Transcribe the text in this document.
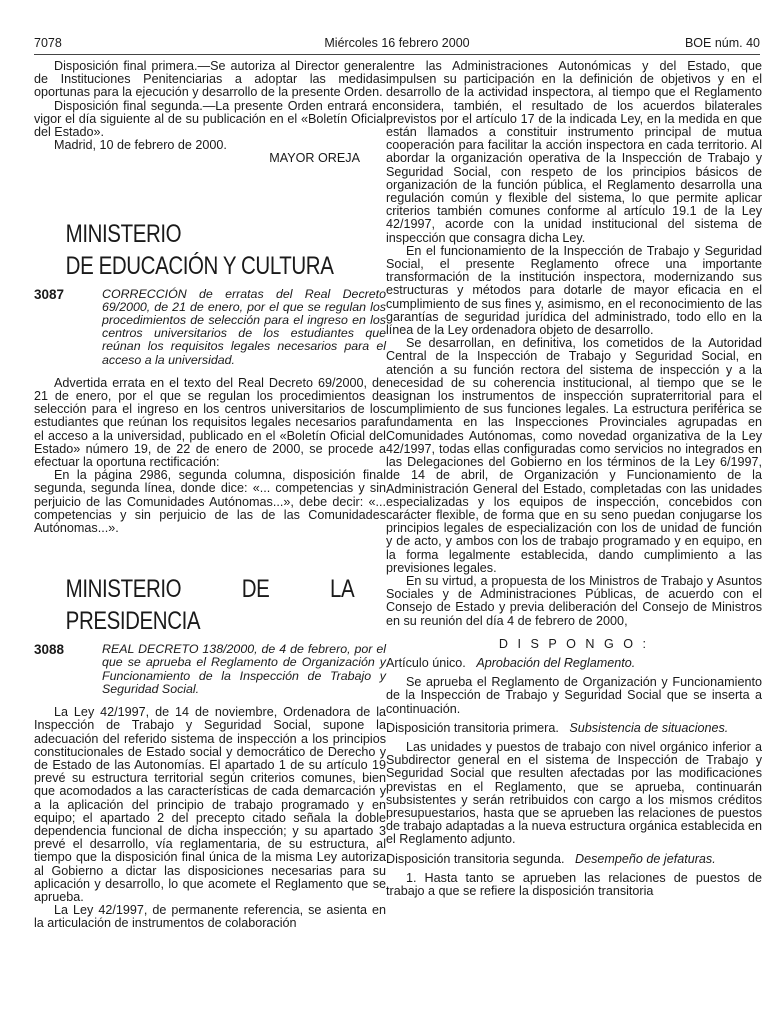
7078	Miércoles 16 febrero 2000	BOE núm. 40

Disposición final primera.—Se autoriza al Director general de Instituciones Penitenciarias a adoptar las medidas oportunas para la ejecución y desarrollo de la presente Orden.

Disposición final segunda.—La presente Orden entrará en vigor el día siguiente al de su publicación en el «Boletín Oficial del Estado».

Madrid, 10 de febrero de 2000.

MAYOR OREJA

MINISTERIO

DE EDUCACIÓN Y CULTURA

3087	CORRECCIÓN de erratas del Real Decreto 69/2000, de 21 de enero, por el que se regulan los procedimientos de selección para el ingreso en los centros universitarios de los estudiantes que reúnan los requisitos legales necesarios para el acceso a la universidad.

Advertida errata en el texto del Real Decreto 69/2000, de 21 de enero, por el que se regulan los procedimientos de selección para el ingreso en los centros universitarios de los estudiantes que reúnan los requisitos legales necesarios para el acceso a la universidad, publicado en el «Boletín Oficial del Estado» número 19, de 22 de enero de 2000, se procede a efectuar la oportuna rectificación:

En la página 2986, segunda columna, disposición final segunda, segunda línea, donde dice: «... competencias y sin perjuicio de las Comunidades Autónomas...», debe decir: «... competencias y sin perjuicio de las de las Comunidades Autónomas...».

MINISTERIO DE LA PRESIDENCIA

3088	REAL DECRETO 138/2000, de 4 de febrero, por el que se aprueba el Reglamento de Organización y Funcionamiento de la Inspección de Trabajo y Seguridad Social.

La Ley 42/1997, de 14 de noviembre, Ordenadora de la Inspección de Trabajo y Seguridad Social, supone la adecuación del referido sistema de inspección a los principios constitucionales de Estado social y democrático de Derecho y de Estado de las Autonomías. El apartado 1 de su artículo 19 prevé su estructura territorial según criterios comunes, bien que acomodados a las características de cada demarcación y a la aplicación del principio de trabajo programado y en equipo; el apartado 2 del precepto citado señala la doble dependencia funcional de dicha inspección; y su apartado 3 prevé el desarrollo, vía reglamentaria, de su estructura, al tiempo que la disposición final única de la misma Ley autoriza al Gobierno a dictar las disposiciones necesarias para su aplicación y desarrollo, lo que acomete el Reglamento que se aprueba.

La Ley 42/1997, de permanente referencia, se asienta en la articulación de instrumentos de colaboración

entre las Administraciones Autonómicas y del Estado, que impulsen su participación en la definición de objetivos y en el desarrollo de la actividad inspectora, al tiempo que el Reglamento considera, también, el resultado de los acuerdos bilaterales previstos por el artículo 17 de la indicada Ley, en la medida en que están llamados a constituir instrumento principal de mutua cooperación para facilitar la acción inspectora en cada territorio. Al abordar la organización operativa de la Inspección de Trabajo y Seguridad Social, con respeto de los principios básicos de organización de la función pública, el Reglamento desarrolla una regulación común y flexible del sistema, lo que permite aplicar criterios también comunes conforme al artículo 19.1 de la Ley 42/1997, acorde con la unidad institucional del sistema de inspección que consagra dicha Ley.

En el funcionamiento de la Inspección de Trabajo y Seguridad Social, el presente Reglamento ofrece una importante transformación de la institución inspectora, modernizando sus estructuras y métodos para dotarle de mayor eficacia en el cumplimiento de sus fines y, asimismo, en el reconocimiento de las garantías de seguridad jurídica del administrado, todo ello en la línea de la Ley ordenadora objeto de desarrollo.

Se desarrollan, en definitiva, los cometidos de la Autoridad Central de la Inspección de Trabajo y Seguridad Social, en atención a su función rectora del sistema de inspección y a la necesidad de su coherencia institucional, al tiempo que se le asignan los instrumentos de inspección supraterritorial para el cumplimiento de sus funciones legales. La estructura periférica se fundamenta en las Inspecciones Provinciales agrupadas en Comunidades Autónomas, como novedad organizativa de la Ley 42/1997, todas ellas configuradas como servicios no integrados en las Delegaciones del Gobierno en los términos de la Ley 6/1997, de 14 de abril, de Organización y Funcionamiento de la Administración General del Estado, completadas con las unidades especializadas y los equipos de inspección, concebidos con carácter flexible, de forma que en su seno puedan conjugarse los principios legales de especialización con los de unidad de función y de acto, y ambos con los de trabajo programado y en equipo, en la forma legalmente establecida, dando cumplimiento a las previsiones legales.

En su virtud, a propuesta de los Ministros de Trabajo y Asuntos Sociales y de Administraciones Públicas, de acuerdo con el Consejo de Estado y previa deliberación del Consejo de Ministros en su reunión del día 4 de febrero de 2000,

D I S P O N G O :

Artículo único. Aprobación del Reglamento.

Se aprueba el Reglamento de Organización y Funcionamiento de la Inspección de Trabajo y Seguridad Social que se inserta a continuación.

Disposición transitoria primera. Subsistencia de situaciones.

Las unidades y puestos de trabajo con nivel orgánico inferior a Subdirector general en el sistema de Inspección de Trabajo y Seguridad Social que resulten afectadas por las modificaciones previstas en el Reglamento, que se aprueba, continuarán subsistentes y serán retribuidos con cargo a los mismos créditos presupuestarios, hasta que se aprueben las relaciones de puestos de trabajo adaptadas a la nueva estructura orgánica establecida en el Reglamento adjunto.

Disposición transitoria segunda. Desempeño de jefaturas.

1. Hasta tanto se aprueben las relaciones de puestos de trabajo a que se refiere la disposición transitoria
